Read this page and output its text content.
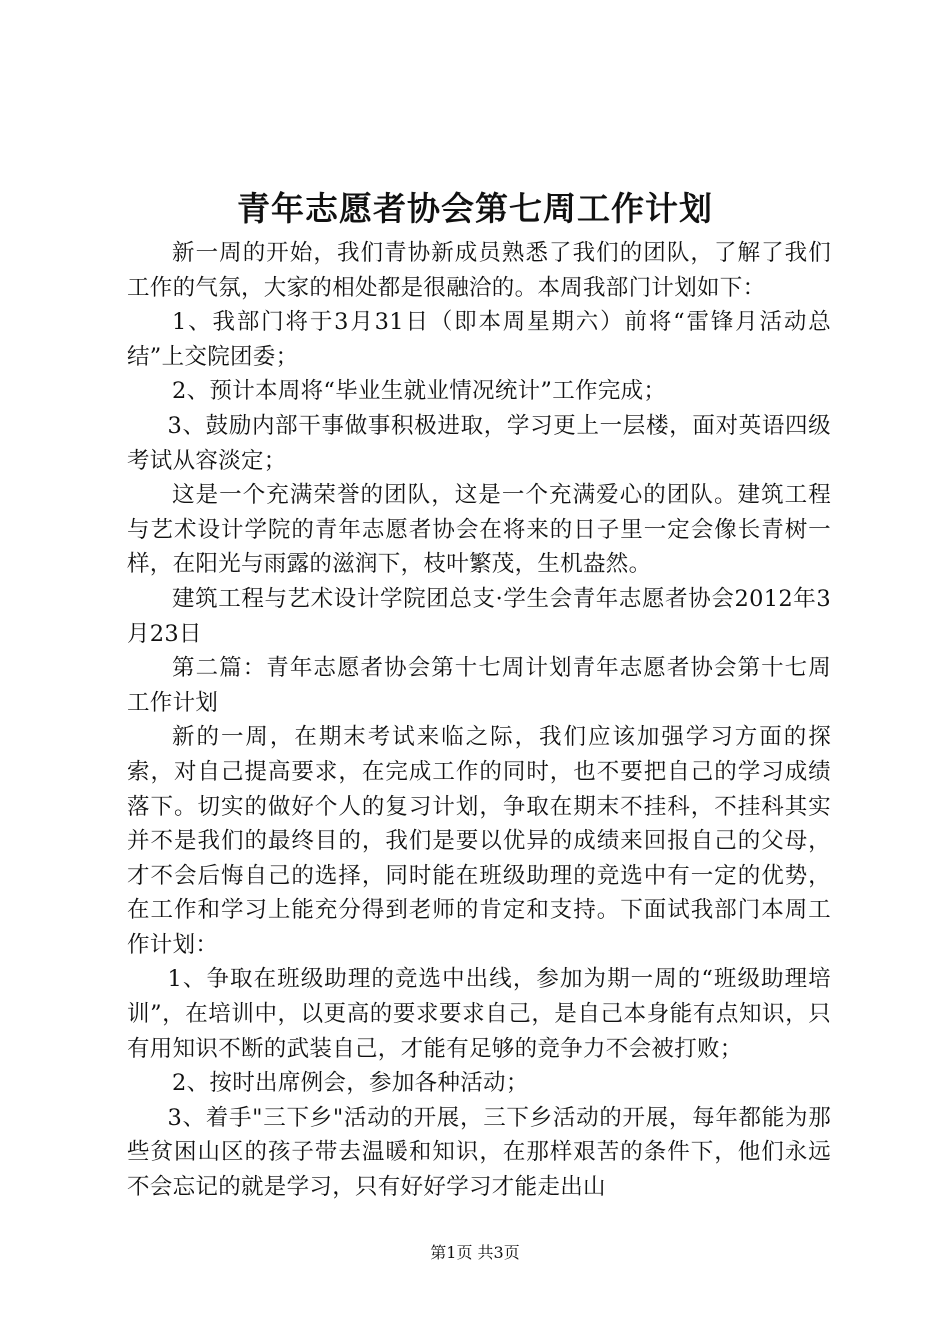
青年志愿者协会第七周工作计划

新一周的开始，我们青协新成员熟悉了我们的团队，了解了我们工作的气氛，大家的相处都是很融洽的。本周我部门计划如下：

1、我部门将于3月31日（即本周星期六）前将“雷锋月活动总结”上交院团委；

2、预计本周将“毕业生就业情况统计”工作完成；

3、鼓励内部干事做事积极进取，学习更上一层楼，面对英语四级考试从容淡定；

这是一个充满荣誉的团队，这是一个充满爱心的团队。建筑工程与艺术设计学院的青年志愿者协会在将来的日子里一定会像长青树一样，在阳光与雨露的滋润下，枝叶繁茂，生机盎然。

建筑工程与艺术设计学院团总支·学生会青年志愿者协会2012年3月23日

第二篇：青年志愿者协会第十七周计划青年志愿者协会第十七周工作计划

新的一周，在期末考试来临之际，我们应该加强学习方面的探索，对自己提高要求，在完成工作的同时，也不要把自己的学习成绩落下。切实的做好个人的复习计划，争取在期末不挂科，不挂科其实并不是我们的最终目的，我们是要以优异的成绩来回报自己的父母，才不会后悔自己的选择，同时能在班级助理的竞选中有一定的优势，在工作和学习上能充分得到老师的肯定和支持。下面试我部门本周工作计划：

1、争取在班级助理的竞选中出线，参加为期一周的“班级助理培训”，在培训中，以更高的要求要求自己，是自己本身能有点知识，只有用知识不断的武装自己，才能有足够的竞争力不会被打败；

2、按时出席例会，参加各种活动；

3、着手"三下乡"活动的开展，三下乡活动的开展，每年都能为那些贫困山区的孩子带去温暖和知识，在那样艰苦的条件下，他们永远不会忘记的就是学习，只有好好学习才能走出山

第1页 共3页
